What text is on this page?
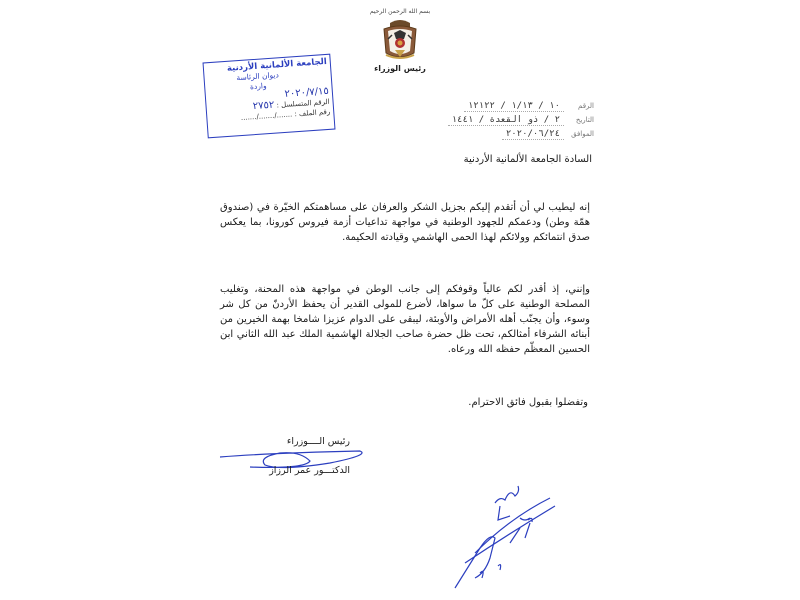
بسم الله الرحمن الرحيم
رئيس الوزراء
الجامعة الألمانية الأردنية
ديوان الرئاسة
واردة	٢٠٢٠/٧/١٥
الرقم المتسلسل : ٢٧٥٢
رقم الملف : ......./......./.......
الرقم
١٠ / ١/١٣ / ١٢١٢٢
التاريخ
٢ / ذو القعدة / ١٤٤١
الموافق
٢٠٢٠/٠٦/٢٤
السادة الجامعة الألمانية الأردنية
إنه ليطيب لي أن أتقدم إليكم بجزيل الشكر والعرفان على مساهمتكم الخيّرة في (صندوق همّة وطن) ودعمكم للجهود الوطنية في مواجهة تداعيات أزمة فيروس كورونا، بما يعكس صدق انتمائكم وولائكم لهذا الحمى الهاشمي وقيادته الحكيمة.
وإنني، إذ أقدر لكم عالياً وقوفكم إلى جانب الوطن في مواجهة هذه المحنة، وتغليب المصلحة الوطنية على كلّ ما سواها، لأضرع للمولى القدير أن يحفظ الأردنّ من كل شر وسوء، وأن يجنّب أهله الأمراض والأوبئة، ليبقى على الدوام عزيزا شامخا بهمة الخيرين من أبنائه الشرفاء أمثالكم، تحت ظل حضرة صاحب الجلالة الهاشمية الملك عبد الله الثاني ابن الحسين المعظّم حفظه الله ورعاه.
وتفضلوا بقبول فائق الاحترام.
رئيس الــــوزراء
الدكتـــور عمر الرزاز
